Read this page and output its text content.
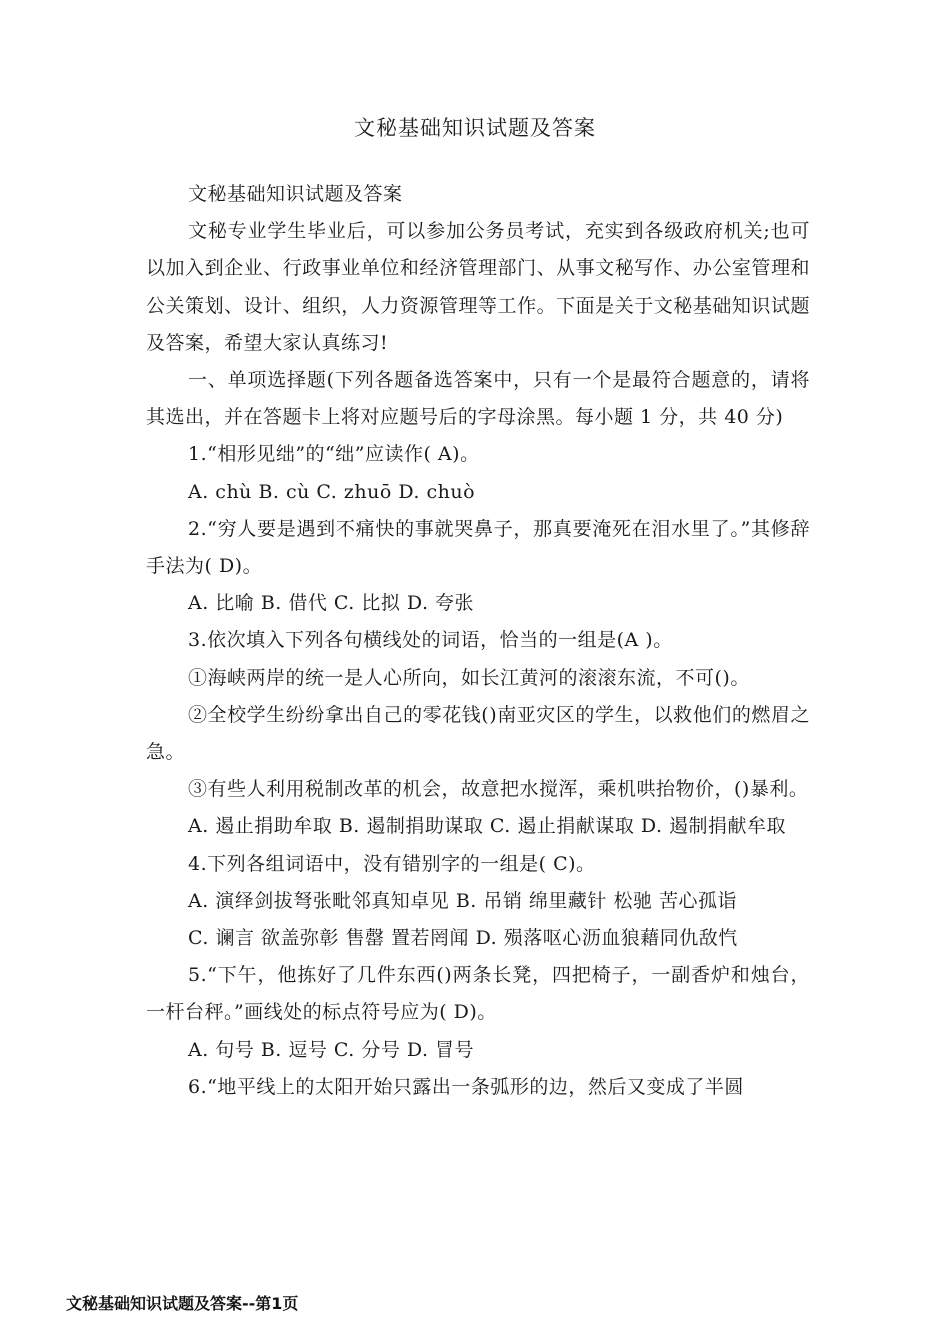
文秘基础知识试题及答案

文秘基础知识试题及答案

文秘专业学生毕业后，可以参加公务员考试，充实到各级政府机关;也可以加入到企业、行政事业单位和经济管理部门、从事文秘写作、办公室管理和公关策划、设计、组织，人力资源管理等工作。下面是关于文秘基础知识试题及答案，希望大家认真练习!

一、单项选择题(下列各题备选答案中，只有一个是最符合题意的，请将其选出，并在答题卡上将对应题号后的字母涂黑。每小题 1 分，共 40 分)

1.“相形见绌”的“绌”应读作( A)。

A. chù B. cù C. zhuō D. chuò

2.“穷人要是遇到不痛快的事就哭鼻子，那真要淹死在泪水里了。”其修辞手法为( D)。

A. 比喻 B. 借代 C. 比拟 D. 夸张

3.依次填入下列各句横线处的词语，恰当的一组是(A )。

①海峡两岸的统一是人心所向，如长江黄河的滚滚东流，不可()。

②全校学生纷纷拿出自己的零花钱()南亚灾区的学生，以救他们的燃眉之急。

③有些人利用税制改革的机会，故意把水搅浑，乘机哄抬物价，()暴利。

A. 遏止捐助牟取 B. 遏制捐助谋取 C. 遏止捐献谋取 D. 遏制捐献牟取

4.下列各组词语中，没有错别字的一组是( C)。

A. 演绎剑拔弩张毗邻真知卓见 B. 吊销 绵里藏针 松驰 苦心孤诣

C. 谰言 欲盖弥彰 售罄 置若罔闻 D. 殒落呕心沥血狼藉同仇敌忾

5.“下午，他拣好了几件东西()两条长凳，四把椅子，一副香炉和烛台，一杆台秤。”画线处的标点符号应为( D)。

A. 句号 B. 逗号 C. 分号 D. 冒号

6.“地平线上的太阳开始只露出一条弧形的边，然后又变成了半圆

文秘基础知识试题及答案--第1页
